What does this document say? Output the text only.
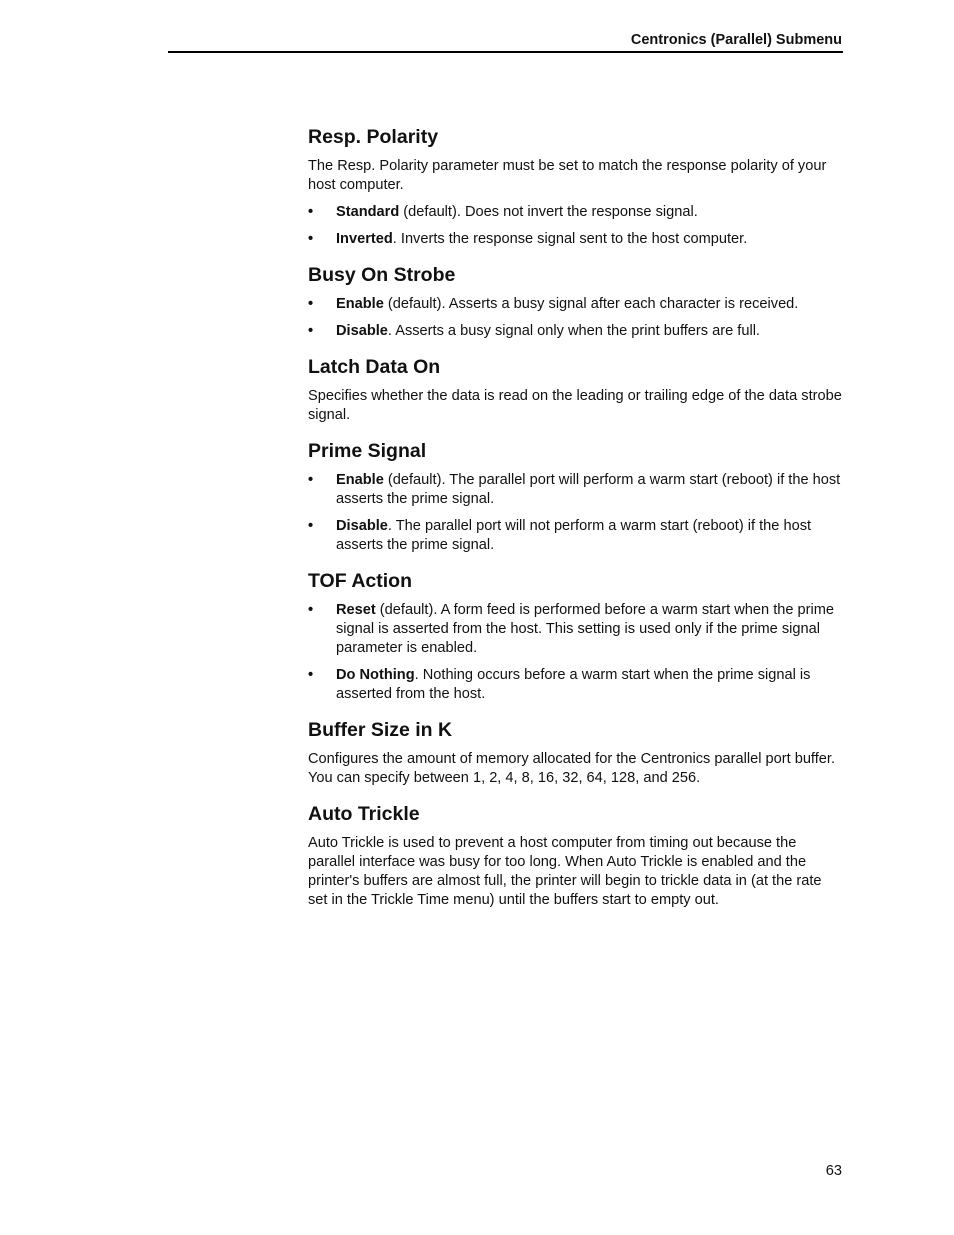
Centronics (Parallel) Submenu
Resp. Polarity

The Resp. Polarity parameter must be set to match the response polarity of your host computer.

• Standard (default). Does not invert the response signal.
• Inverted. Inverts the response signal sent to the host computer.
Busy On Strobe
• Enable (default). Asserts a busy signal after each character is received.
• Disable. Asserts a busy signal only when the print buffers are full.
Latch Data On

Specifies whether the data is read on the leading or trailing edge of the data strobe signal.

Prime Signal
• Enable (default). The parallel port will perform a warm start (reboot) if the host asserts the prime signal.
• Disable. The parallel port will not perform a warm start (reboot) if the host asserts the prime signal.
TOF Action
• Reset (default). A form feed is performed before a warm start when the prime signal is asserted from the host. This setting is used only if the prime signal parameter is enabled.
• Do Nothing. Nothing occurs before a warm start when the prime signal is asserted from the host.
Buffer Size in K

Configures the amount of memory allocated for the Centronics parallel port buffer. You can specify between 1, 2, 4, 8, 16, 32, 64, 128, and 256.

Auto Trickle

Auto Trickle is used to prevent a host computer from timing out because the parallel interface was busy for too long. When Auto Trickle is enabled and the printer's buffers are almost full, the printer will begin to trickle data in (at the rate set in the Trickle Time menu) until the buffers start to empty out.

63
